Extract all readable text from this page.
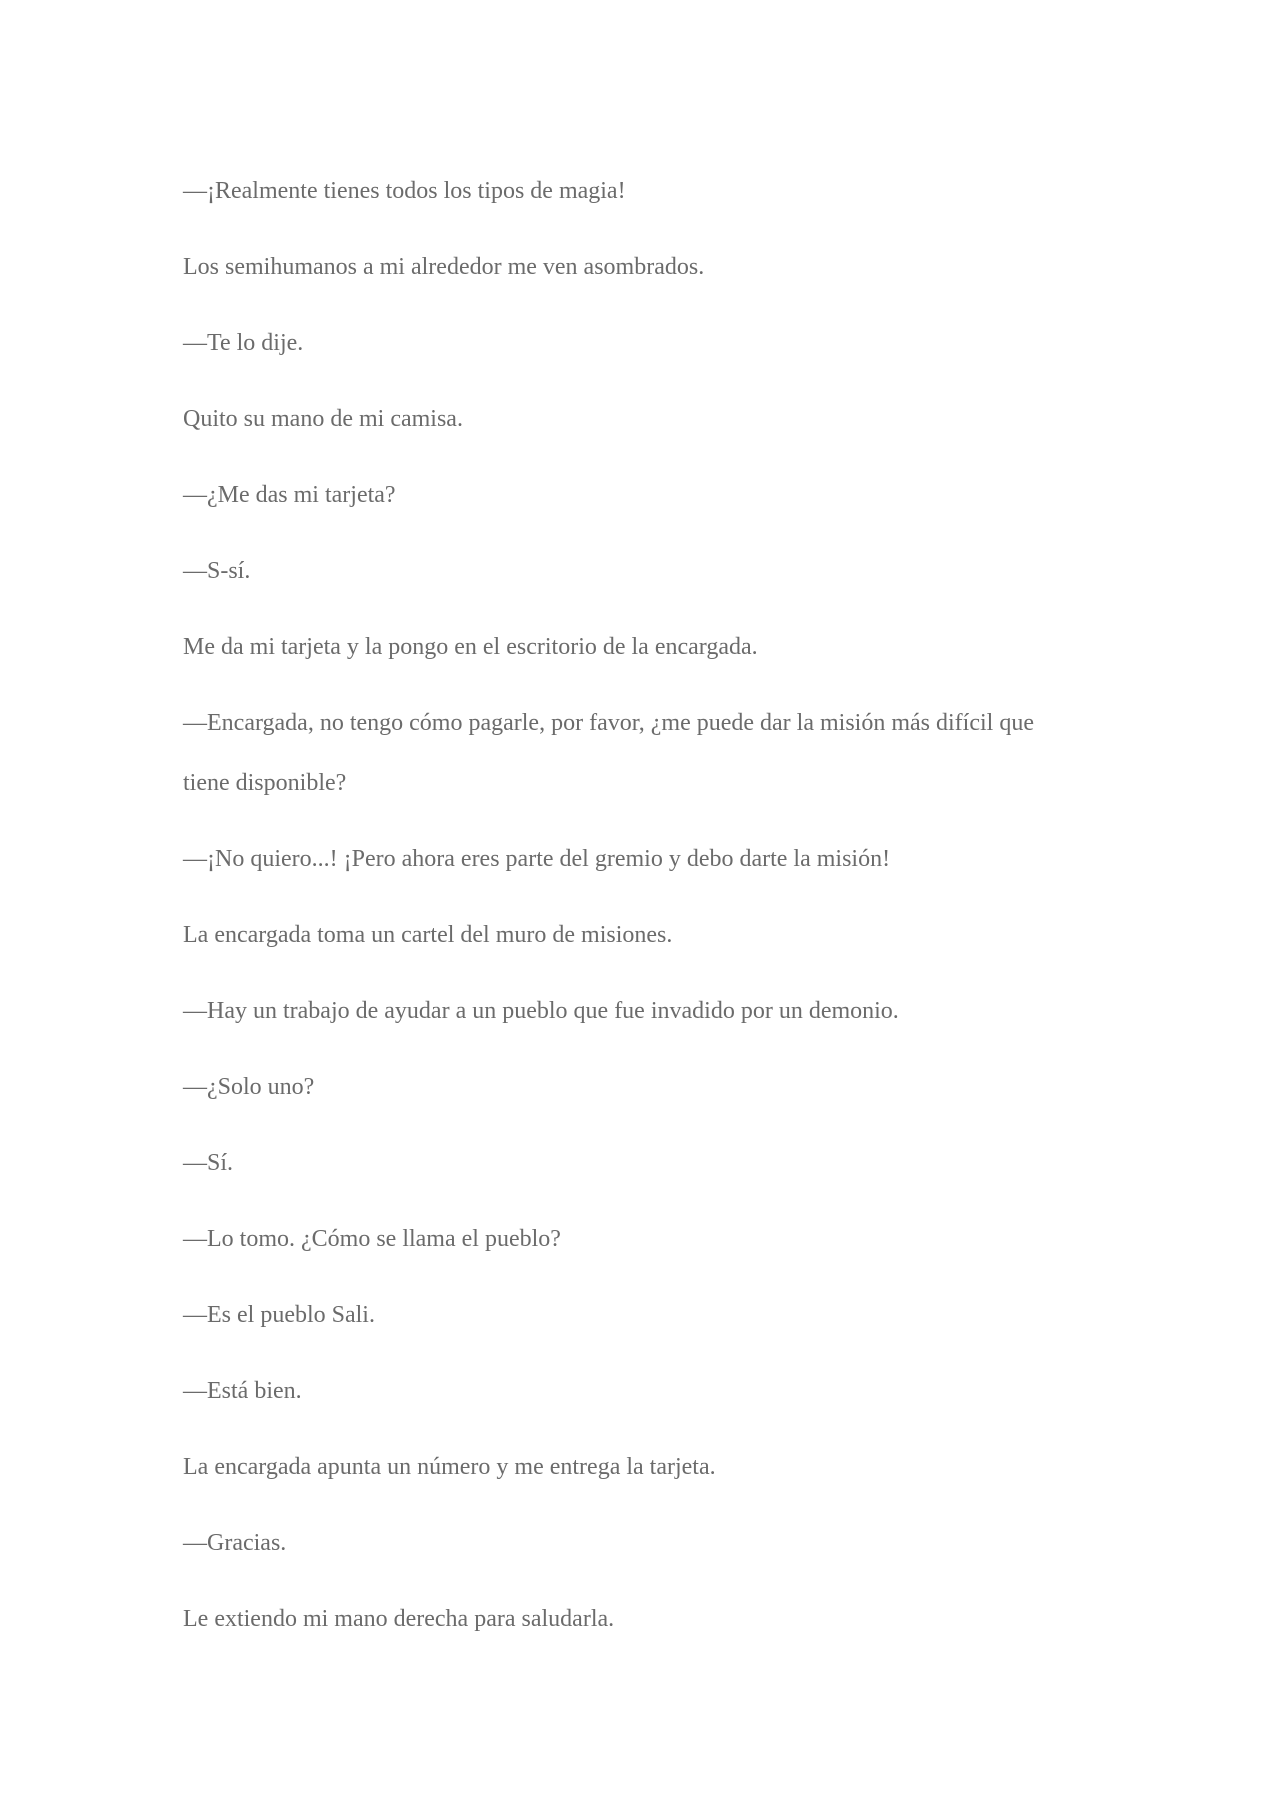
—¡Realmente tienes todos los tipos de magia!

Los semihumanos a mi alrededor me ven asombrados.

—Te lo dije.

Quito su mano de mi camisa.

—¿Me das mi tarjeta?

—S-sí.

Me da mi tarjeta y la pongo en el escritorio de la encargada.

—Encargada, no tengo cómo pagarle, por favor, ¿me puede dar la misión más difícil que tiene disponible?

—¡No quiero...! ¡Pero ahora eres parte del gremio y debo darte la misión!

La encargada toma un cartel del muro de misiones.

—Hay un trabajo de ayudar a un pueblo que fue invadido por un demonio.

—¿Solo uno?

—Sí.

—Lo tomo. ¿Cómo se llama el pueblo?

—Es el pueblo Sali.

—Está bien.

La encargada apunta un número y me entrega la tarjeta.

—Gracias.

Le extiendo mi mano derecha para saludarla.
